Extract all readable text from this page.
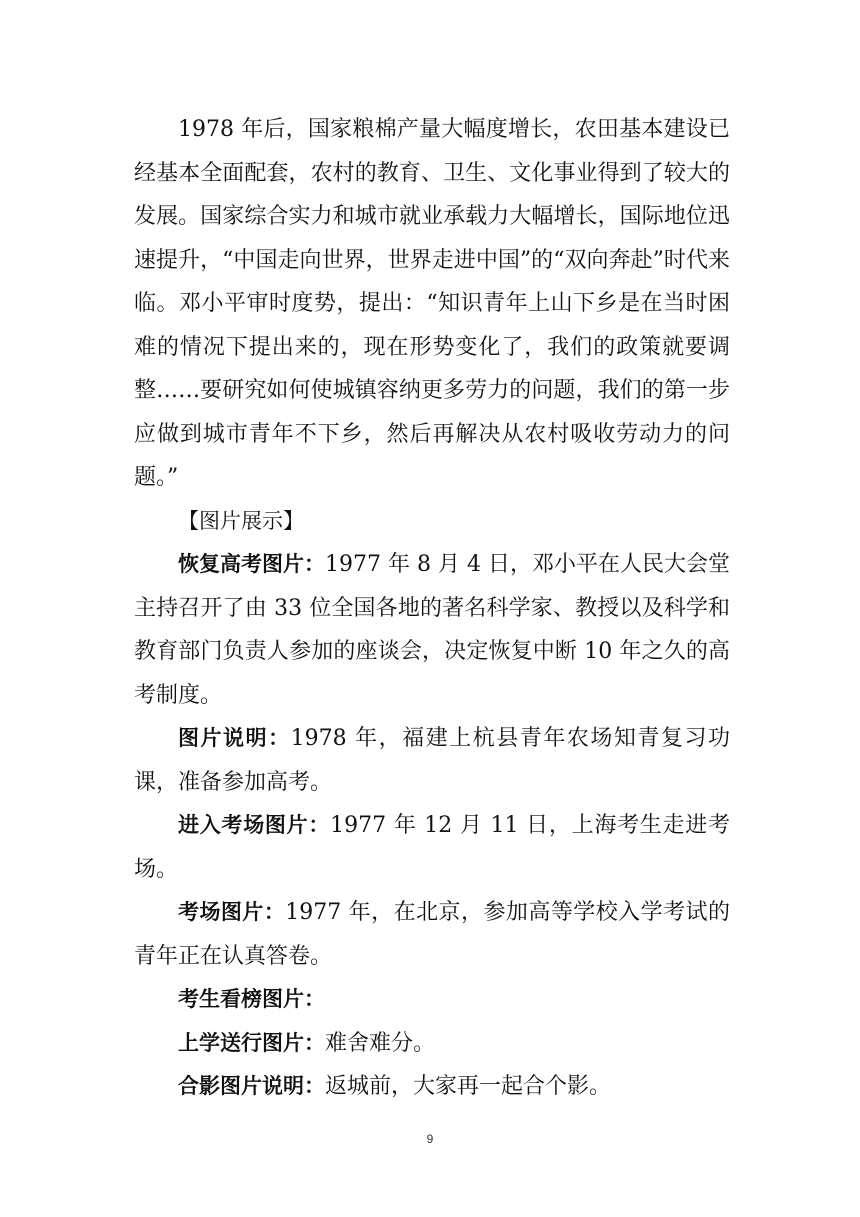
1978 年后，国家粮棉产量大幅度增长，农田基本建设已经基本全面配套，农村的教育、卫生、文化事业得到了较大的发展。国家综合实力和城市就业承载力大幅增长，国际地位迅速提升，“中国走向世界，世界走进中国”的“双向奔赴”时代来临。邓小平审时度势，提出：“知识青年上山下乡是在当时困难的情况下提出来的，现在形势变化了，我们的政策就要调整……要研究如何使城镇容纳更多劳力的问题，我们的第一步应做到城市青年不下乡，然后再解决从农村吸收劳动力的问题。”

【图片展示】

恢复高考图片：1977 年 8 月 4 日，邓小平在人民大会堂主持召开了由 33 位全国各地的著名科学家、教授以及科学和教育部门负责人参加的座谈会，决定恢复中断 10 年之久的高考制度。

图片说明：1978 年，福建上杭县青年农场知青复习功课，准备参加高考。

进入考场图片：1977 年 12 月 11 日，上海考生走进考场。

考场图片：1977 年，在北京，参加高等学校入学考试的青年正在认真答卷。

考生看榜图片：

上学送行图片：难舍难分。

合影图片说明：返城前，大家再一起合个影。

9
